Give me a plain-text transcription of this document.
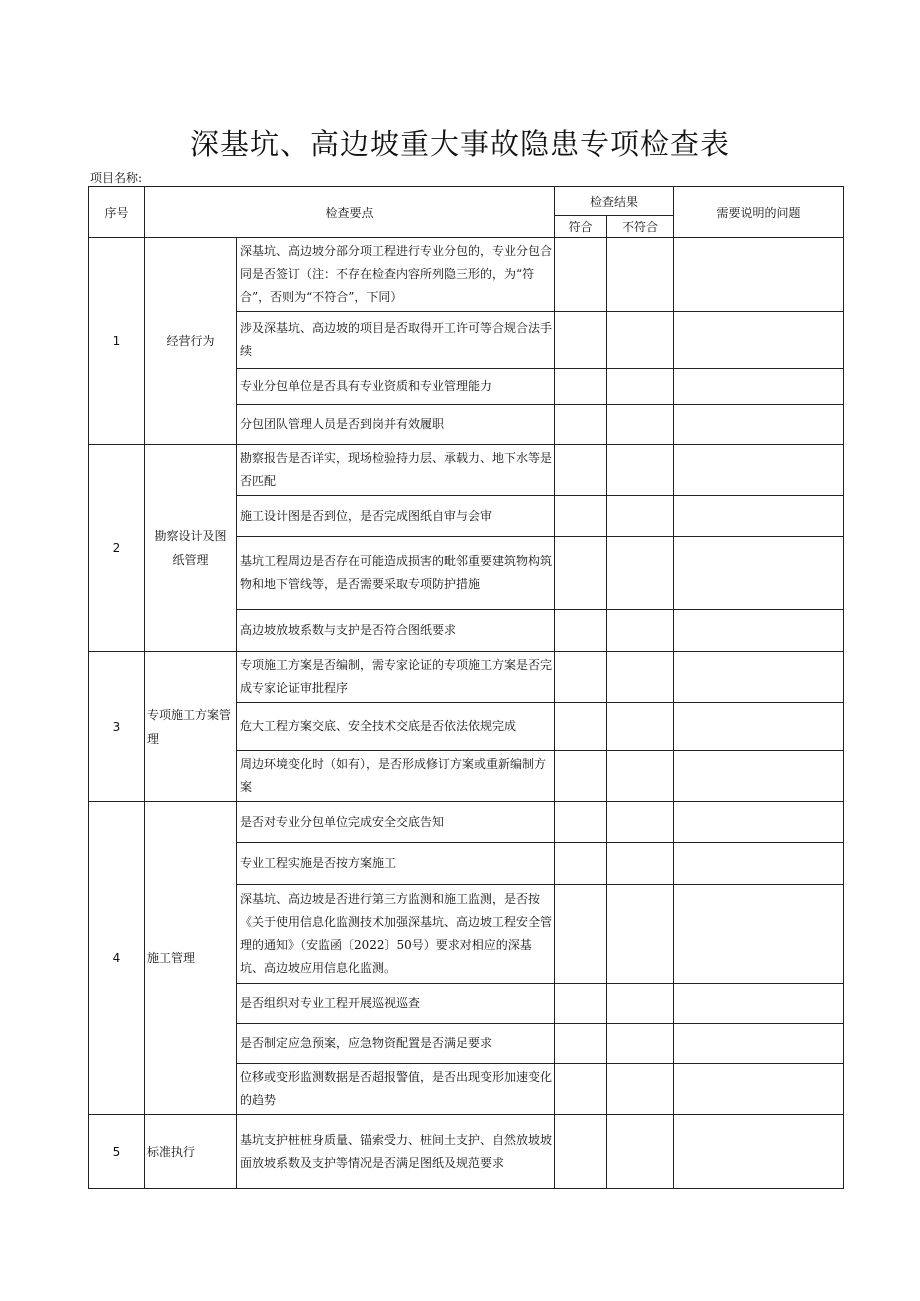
深基坑、高边坡重大事故隐患专项检查表
项目名称:
序号	检查要点		检查结果		需要说明的问题
			符合	不符合	
1	经营行为	深基坑、高边坡分部分项工程进行专业分包的，专业分包合同是否签订（注：不存在检查内容所列隐三形的，为“符合”，否则为“不符合”，下同）			
		涉及深基坑、高边坡的项目是否取得开工许可等合规合法手续			
		专业分包单位是否具有专业资质和专业管理能力			
		分包团队管理人员是否到岗并有效履职			
2	勘察设计及图纸管理	勘察报告是否详实，现场检验持力层、承载力、地下水等是否匹配			
		施工设计图是否到位，是否完成图纸自审与会审			
		基坑工程周边是否存在可能造成损害的毗邻重要建筑物构筑物和地下管线等，是否需要采取专项防护措施			
		高边坡放坡系数与支护是否符合图纸要求			
3	专项施工方案管理	专项施工方案是否编制，需专家论证的专项施工方案是否完成专家论证审批程序			
		危大工程方案交底、安全技术交底是否依法依规完成			
		周边环境变化时（如有），是否形成修订方案或重新编制方案			
4	施工管理	是否对专业分包单位完成安全交底告知			
		专业工程实施是否按方案施工			
		深基坑、高边坡是否进行第三方监测和施工监测，是否按《关于使用信息化监测技术加强深基坑、高边坡工程安全管理的通知》（安监函〔2022〕50号）要求对相应的深基坑、高边坡应用信息化监测。			
		是否组织对专业工程开展巡视巡查			
		是否制定应急预案，应急物资配置是否满足要求			
		位移或变形监测数据是否超报警值，是否出现变形加速变化的趋势			
5	标准执行	基坑支护桩桩身质量、锚索受力、桩间土支护、自然放坡坡面放坡系数及支护等情况是否满足图纸及规范要求			
